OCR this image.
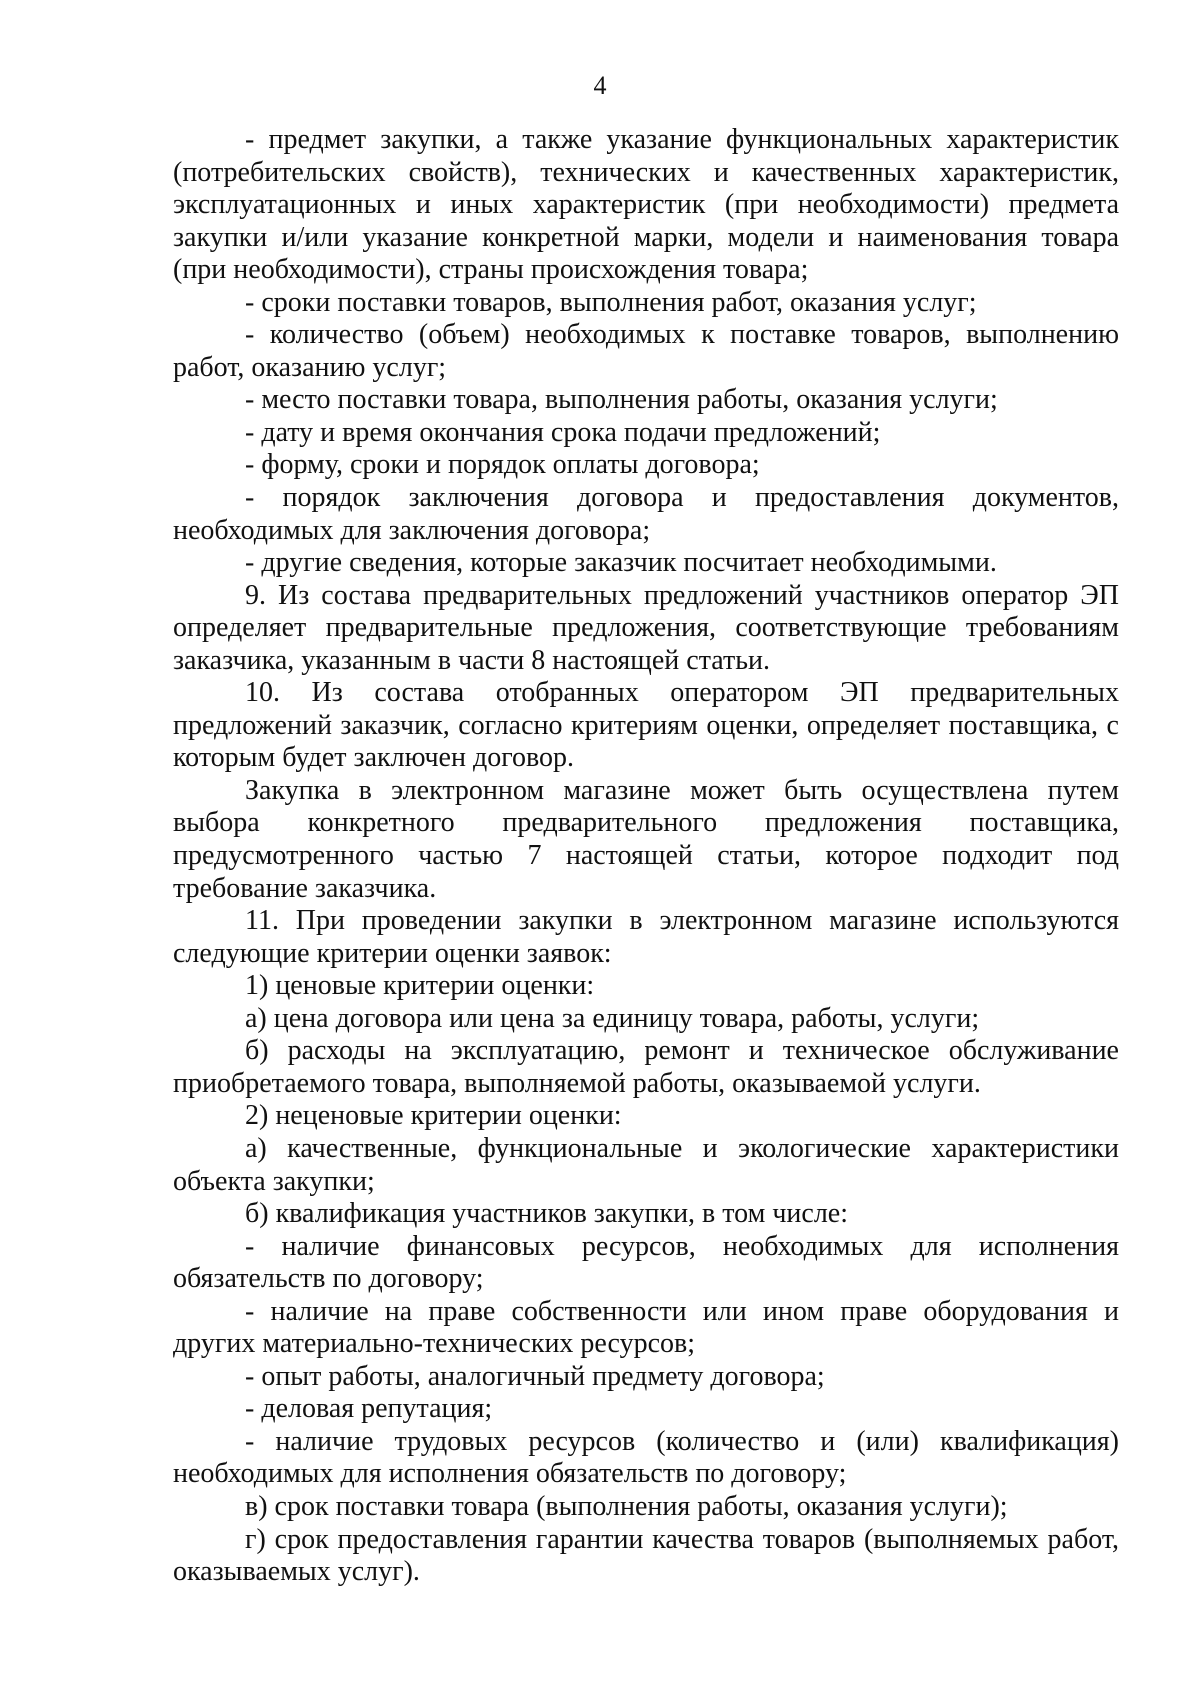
4

- предмет закупки, а также указание функциональных характеристик (потребительских свойств), технических и качественных характеристик, эксплуатационных и иных характеристик (при необходимости) предмета закупки и/или указание конкретной марки, модели и наименования товара (при необходимости), страны происхождения товара;

- сроки поставки товаров, выполнения работ, оказания услуг;

- количество (объем) необходимых к поставке товаров, выполнению работ, оказанию услуг;

- место поставки товара, выполнения работы, оказания услуги;

- дату и время окончания срока подачи предложений;

- форму, сроки и порядок оплаты договора;

- порядок заключения договора и предоставления документов, необходимых для заключения договора;

- другие сведения, которые заказчик посчитает необходимыми.

9. Из состава предварительных предложений участников оператор ЭП определяет предварительные предложения, соответствующие требованиям заказчика, указанным в части 8 настоящей статьи.

10. Из состава отобранных оператором ЭП предварительных предложений заказчик, согласно критериям оценки, определяет поставщика, с которым будет заключен договор.

Закупка в электронном магазине может быть осуществлена путем выбора конкретного предварительного предложения поставщика, предусмотренного частью 7 настоящей статьи, которое подходит под требование заказчика.

11. При проведении закупки в электронном магазине используются следующие критерии оценки заявок:

1) ценовые критерии оценки:

а) цена договора или цена за единицу товара, работы, услуги;

б) расходы на эксплуатацию, ремонт и техническое обслуживание приобретаемого товара, выполняемой работы, оказываемой услуги.

2) неценовые критерии оценки:

а) качественные, функциональные и экологические характеристики объекта закупки;

б) квалификация участников закупки, в том числе:

- наличие финансовых ресурсов, необходимых для исполнения обязательств по договору;

- наличие на праве собственности или ином праве оборудования и других материально-технических ресурсов;

- опыт работы, аналогичный предмету договора;

- деловая репутация;

- наличие трудовых ресурсов (количество и (или) квалификация) необходимых для исполнения обязательств по договору;

в) срок поставки товара (выполнения работы, оказания услуги);

г) срок предоставления гарантии качества товаров (выполняемых работ, оказываемых услуг).
